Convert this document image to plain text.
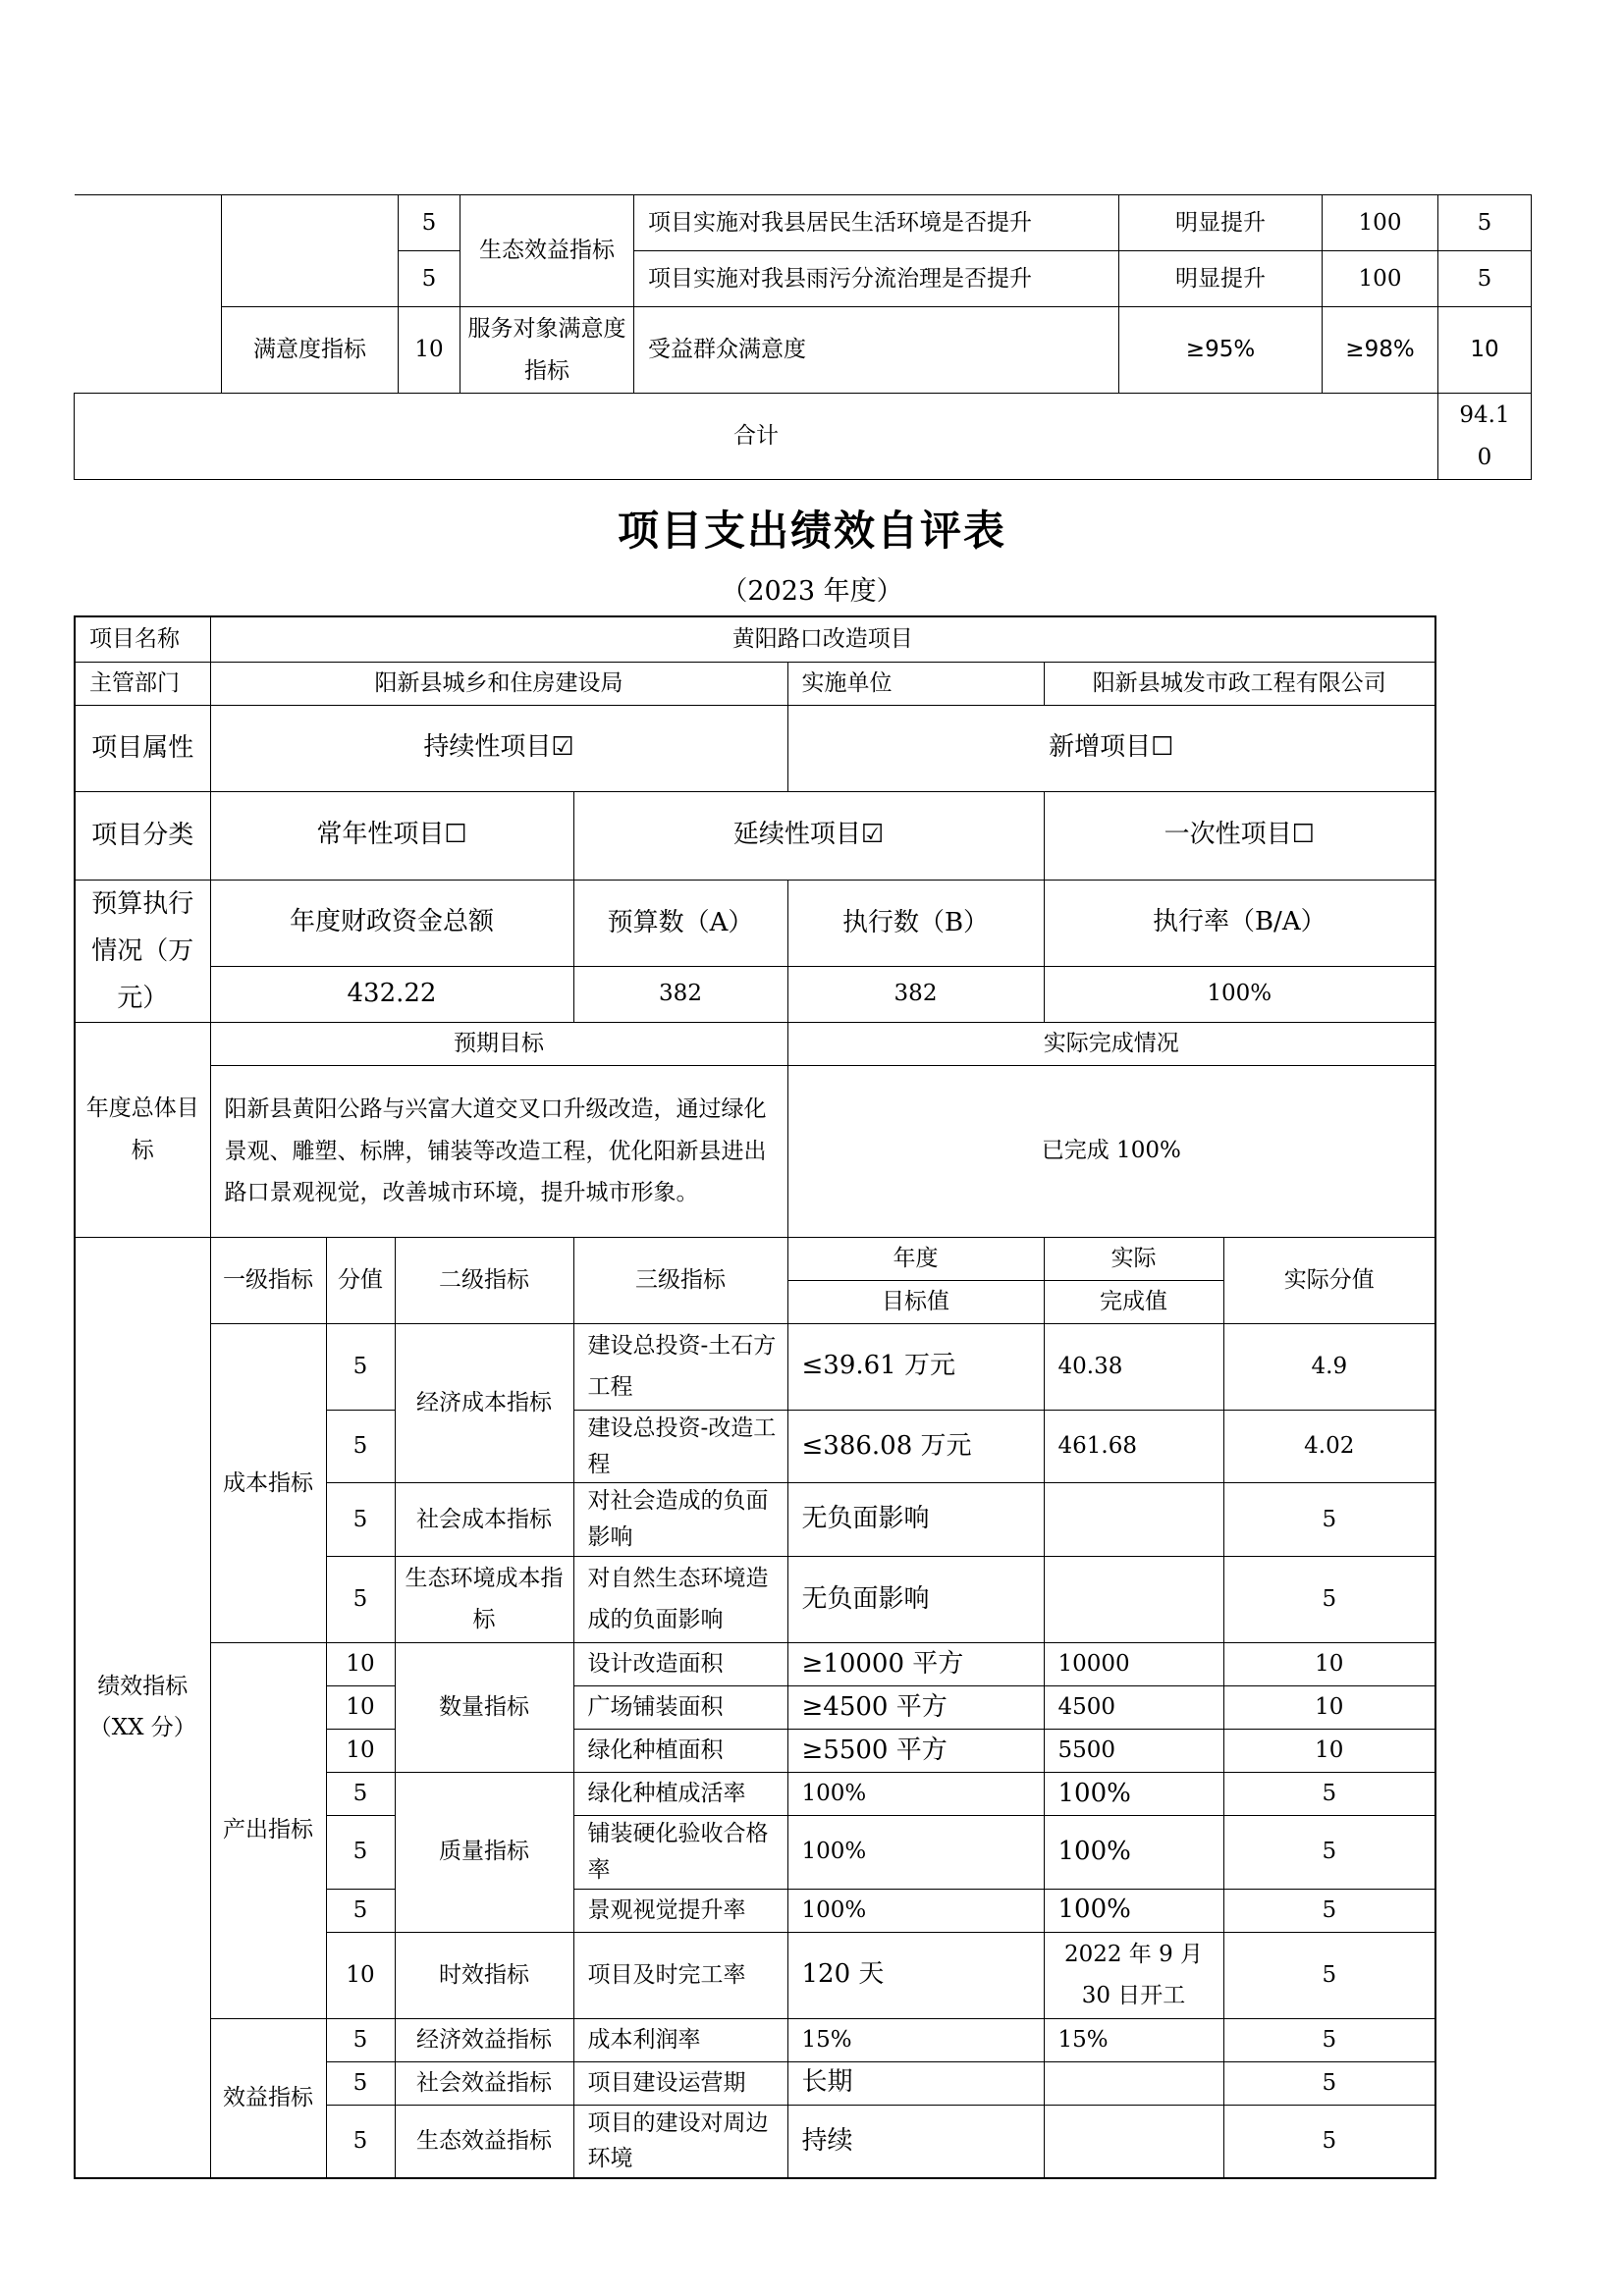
		5	生态效益指标	项目实施对我县居民生活环境是否提升	明显提升	100	5
		5		项目实施对我县雨污分流治理是否提升	明显提升	100	5
	满意度指标	10	服务对象满意度指标	受益群众满意度	≥95%	≥98%	10
合计							94.10
项目支出绩效自评表
（2023 年度）
项目名称	黄阳路口改造项目						
主管部门	阳新县城乡和住房建设局				实施单位	阳新县城发市政工程有限公司	
项目属性	持续性项目☑				新增项目☐		
项目分类	常年性项目☐			延续性项目☑		一次性项目☐	
预算执行情况（万元）	年度财政资金总额			预算数（A）	执行数（B）	执行率（B/A）	
	432.22			382	382	100%	
年度总体目标	预期目标				实际完成情况		
	阳新县黄阳公路与兴富大道交叉口升级改造，通过绿化景观、雕塑、标牌，铺装等改造工程，优化阳新县进出路口景观视觉，改善城市环境，提升城市形象。				已完成 100%		
绩效指标（XX 分）	一级指标	分值	二级指标	三级指标	年度	实际	实际分值
					目标值	完成值	
	成本指标	5	经济成本指标	建设总投资-土石方工程	≤39.61 万元	40.38	4.9
		5		建设总投资-改造工程	≤386.08 万元	461.68	4.02
		5	社会成本指标	对社会造成的负面影响	无负面影响		5
		5	生态环境成本指标	对自然生态环境造成的负面影响	无负面影响		5
	产出指标	10	数量指标	设计改造面积	≥10000 平方	10000	10
		10		广场铺装面积	≥4500 平方	4500	10
		10		绿化种植面积	≥5500 平方	5500	10
		5	质量指标	绿化种植成活率	100%	100%	5
		5		铺装硬化验收合格率	100%	100%	5
		5		景观视觉提升率	100%	100%	5
		10	时效指标	项目及时完工率	120 天	2022 年 9 月 30 日开工	5
	效益指标	5	经济效益指标	成本利润率	15%	15%	5
		5	社会效益指标	项目建设运营期	长期		5
		5	生态效益指标	项目的建设对周边环境	持续		5
